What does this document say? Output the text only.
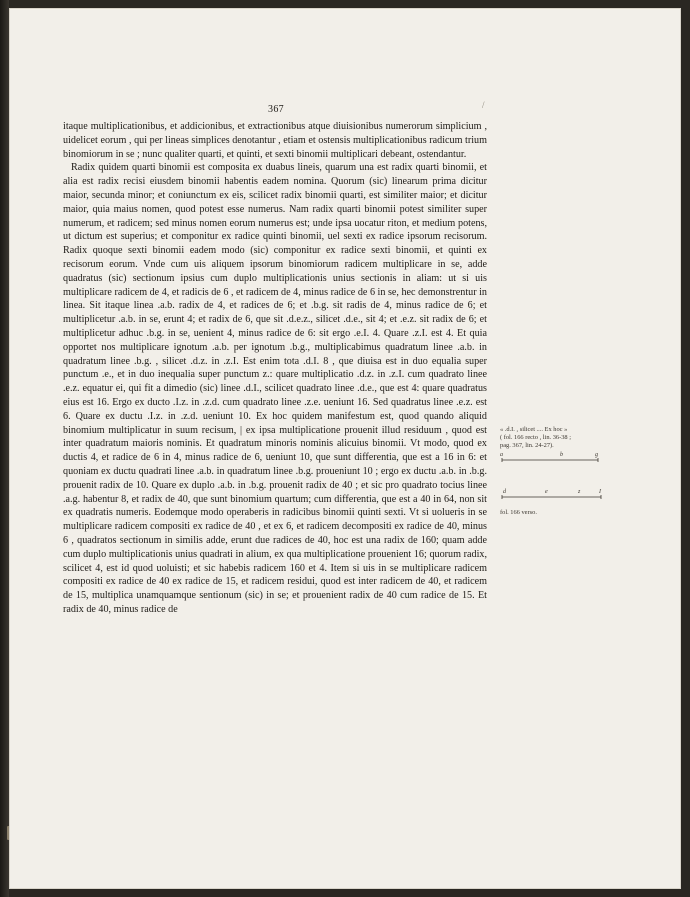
367	/

itaque multiplicationibus, et addicionibus, et extractionibus atque diuisionibus numerorum simplicium , uidelicet eorum , qui per lineas simplices denotantur , etiam et ostensis multiplicationibus radicum trium binomiorum in se ; nunc qualiter quarti, et quinti, et sexti binomii multiplicari debeant, ostendantur.

Radix quidem quarti binomii est composita ex duabus lineis, quarum una est radix quarti binomii, et alia est radix recisi eiusdem binomii habentis eadem nomina. Quorum (sic) linearum prima dicitur maior, secunda minor; et coniunctum ex eis, scilicet radix binomii quarti, est similiter maior; et dicitur maior, quia maius nomen, quod potest esse numerus. Nam radix quarti binomii potest similiter super numerum, et radicem; sed minus nomen eorum numerus est; unde ipsa uocatur riton, et medium potens, ut dictum est superius; et componitur ex radice quinti binomii, uel sexti ex radice ipsorum recisorum. Radix quoque sexti binomii eadem modo (sic) componitur ex radice sexti binomii, et quinti ex recisorum eorum. Vnde cum uis aliquem ipsorum binomiorum radicem multiplicare in se, adde quadratus (sic) sectionum ipsius cum duplo multiplicationis unius sectionis in aliam: ut si uis multiplicare radicem de 4, et radicis de 6 , et radicem de 4, minus radice de 6 in se, hec demonstrentur in linea. Sit itaque linea .a.b. radix de 4, et radices de 6; et .b.g. sit radis de 4, minus radice de 6; et multiplicetur .a.b. in se, erunt 4; et radix de 6, que sit .d.e.z., silicet .d.e., sit 4; et .e.z. sit radix de 6; et multiplicetur adhuc .b.g. in se, uenient 4, minus radice de 6: sit ergo .e.I. 4. Quare .z.I. est 4. Et quia opportet nos multiplicare ignotum .a.b. per ignotum .b.g., multiplicabimus quadratum linee .a.b. in quadratum linee .b.g. , silicet .d.z. in .z.I. Est enim tota .d.I. 8 , que diuisa est in duo equalia super punctum .e., et in duo inequalia super punctum z.: quare multiplicatio .d.z. in .z.I. cum quadrato linee .e.z. equatur ei, qui fit a dimedio (sic) linee .d.I., scilicet quadrato linee .d.e., que est 4: quare quadratus eius est 16. Ergo ex ducto .I.z. in .z.d. cum quadrato linee .z.e. ueniunt 16. Sed quadratus linee .e.z. est 6. Quare ex ductu .I.z. in .z.d. ueniunt 10. Ex hoc quidem manifestum est, quod quando aliquid binomium multiplicatur in suum recisum, | ex ipsa multiplicatione prouenit illud residuum , quod est inter quadratum maioris nominis. Et quadratum minoris nominis alicuius binomii. Vt modo, quod ex ductis 4, et radice de 6 in 4, minus radice de 6, ueniunt 10, que sunt differentia, que est a 16 in 6: et quoniam ex ductu quadrati linee .a.b. in quadratum linee .b.g. proueniunt 10 ; ergo ex ductu .a.b. in .b.g. prouenit radix de 10. Quare ex duplo .a.b. in .b.g. prouenit radix de 40 ; et sic pro quadrato tocius linee .a.g. habentur 8, et radix de 40, que sunt binomium quartum; cum differentia, que est a 40 in 64, non sit ex quadratis numeris. Eodemque modo operaberis in radicibus binomii quinti sexti. Vt si uolueris in se multiplicare radicem compositi ex radice de 40 , et ex 6, et radicem decompositi ex radice de 40, minus 6 , quadratos sectionum in similis adde, erunt due radices de 40, hoc est una radix de 160; quam adde cum duplo multiplicationis unius quadrati in alium, ex qua multiplicatione prouenient 16; quorum radix, scilicet 4, est id quod uoluisti; et sic habebis radicem 160 et 4. Item si uis in se multiplicare radicem compositi ex radice de 40 ex radice de 15, et radicem residui, quod est inter radicem de 40, et radicem de 15, multiplica unamquamque sentionum (sic) in se; et prouenient radix de 40 cum radice de 15. Et radix de 40, minus radice de

« .d.I. , silicet .... Ex hoc »
( fol. 166 recto , lin. 36-38 ;
pag. 367, lin. 24-27).
a	b	g
d	e	z	I
fol. 166 verso.
